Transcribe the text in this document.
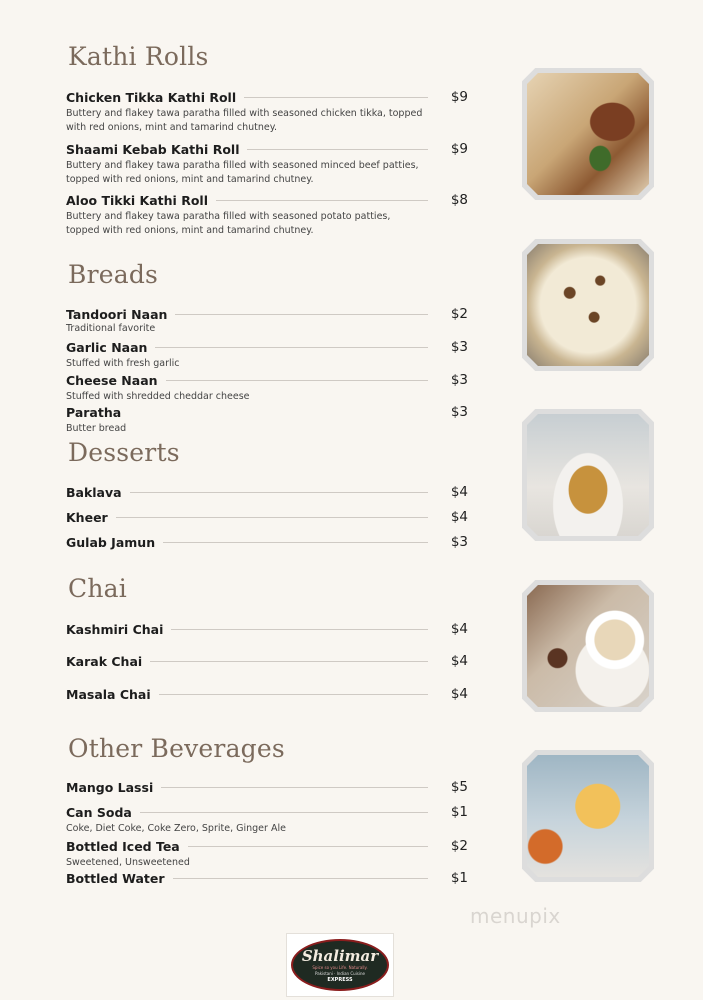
Kathi Rolls
Chicken Tikka Kathi Roll	$9
Buttery and flakey tawa paratha filled with seasoned chicken tikka, topped with red onions, mint and tamarind chutney.
Shaami Kebab Kathi Roll	$9
Buttery and flakey tawa paratha filled with seasoned minced beef patties, topped with red onions, mint and tamarind chutney.
Aloo Tikki Kathi Roll	$8
Buttery and flakey tawa paratha filled with seasoned potato patties, topped with red onions, mint and tamarind chutney.
Breads
Tandoori Naan	$2
Traditional favorite
Garlic Naan	$3
Stuffed with fresh garlic
Cheese Naan	$3
Stuffed with shredded cheddar cheese
Paratha	$3
Butter bread
Desserts
Baklava	$4
Kheer	$4
Gulab Jamun	$3
Chai
Kashmiri Chai	$4
Karak Chai	$4
Masala Chai	$4
Other Beverages
Mango Lassi	$5
Can Soda	$1
Coke, Diet Coke, Coke Zero, Sprite, Ginger Ale
Bottled Iced Tea	$2
Sweetened, Unsweetened
Bottled Water	$1
menupix
Shalimar
Spice so you Life. Naturally.
Pakistani · Indian Cuisine
EXPRESS
